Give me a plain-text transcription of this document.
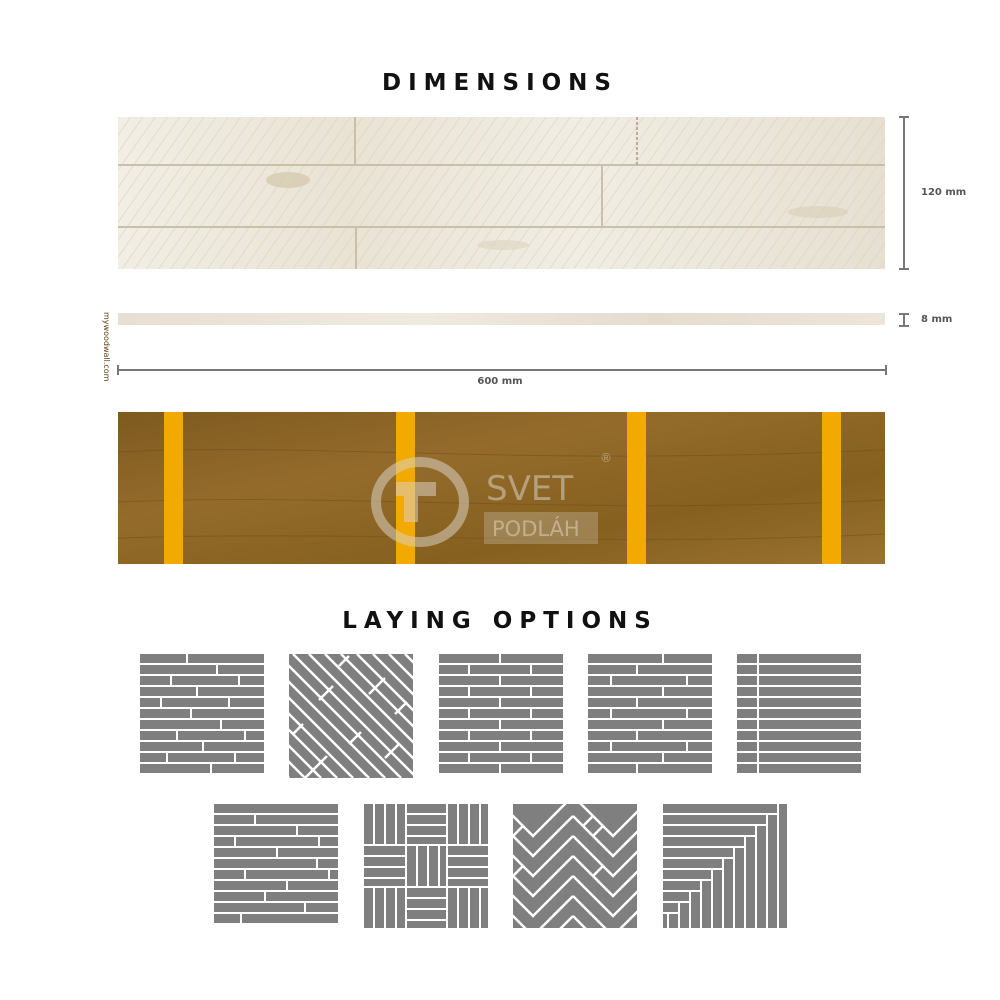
DIMENSIONS
120 mm
8 mm
600 mm
mywoodwall.com
SVET
®
PODLÁH
LAYING OPTIONS
